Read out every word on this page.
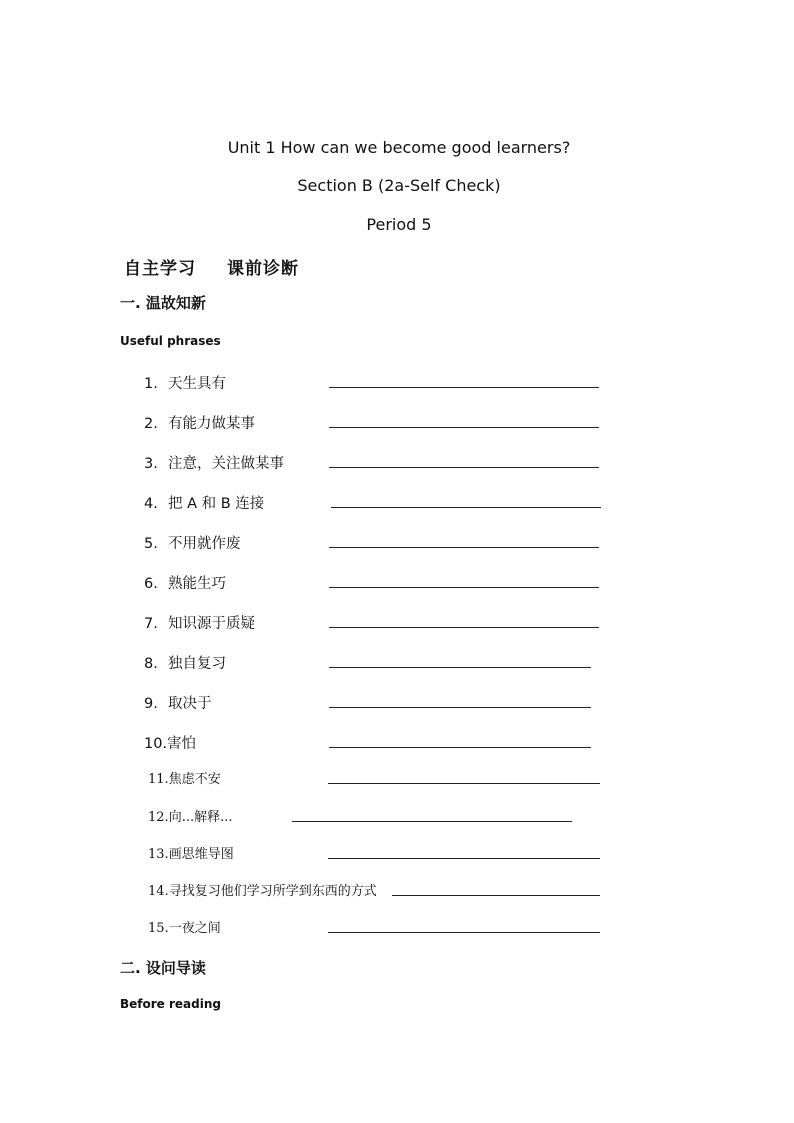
Unit 1 How can we become good learners?
Section B (2a-Self Check)
Period 5
自主学习 课前诊断
一. 温故知新
Useful phrases
1. 天生具有
2. 有能力做某事
3. 注意，关注做某事
4. 把 A 和 B 连接
5. 不用就作废
6. 熟能生巧
7. 知识源于质疑
8. 独自复习
9. 取决于
10.害怕
11.焦虑不安
12.向...解释...
13.画思维导图
14.寻找复习他们学习所学到东西的方式
15.一夜之间
二. 设问导读
Before reading
